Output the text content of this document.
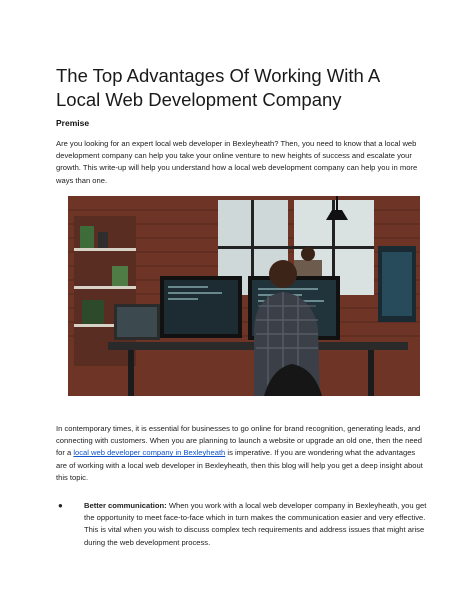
The Top Advantages Of Working With A Local Web Development Company
Premise

Are you looking for an expert local web developer in Bexleyheath? Then, you need to know that a local web development company can help you take your online venture to new heights of success and escalate your growth. This write-up will help you understand how a local web development company can help you in more ways than one.

In contemporary times, it is essential for businesses to go online for brand recognition, generating leads, and connecting with customers. When you are planning to launch a website or upgrade an old one, then the need for a local web developer company in Bexleyheath is imperative. If you are wondering what the advantages are of working with a local web developer in Bexleyheath, then this blog will help you get a deep insight about this topic.

●	Better communication: When you work with a local web developer company in Bexleyheath, you get the opportunity to meet face-to-face which in turn makes the communication easier and very effective. This is vital when you wish to discuss complex tech requirements and address issues that might arise during the web development process.
